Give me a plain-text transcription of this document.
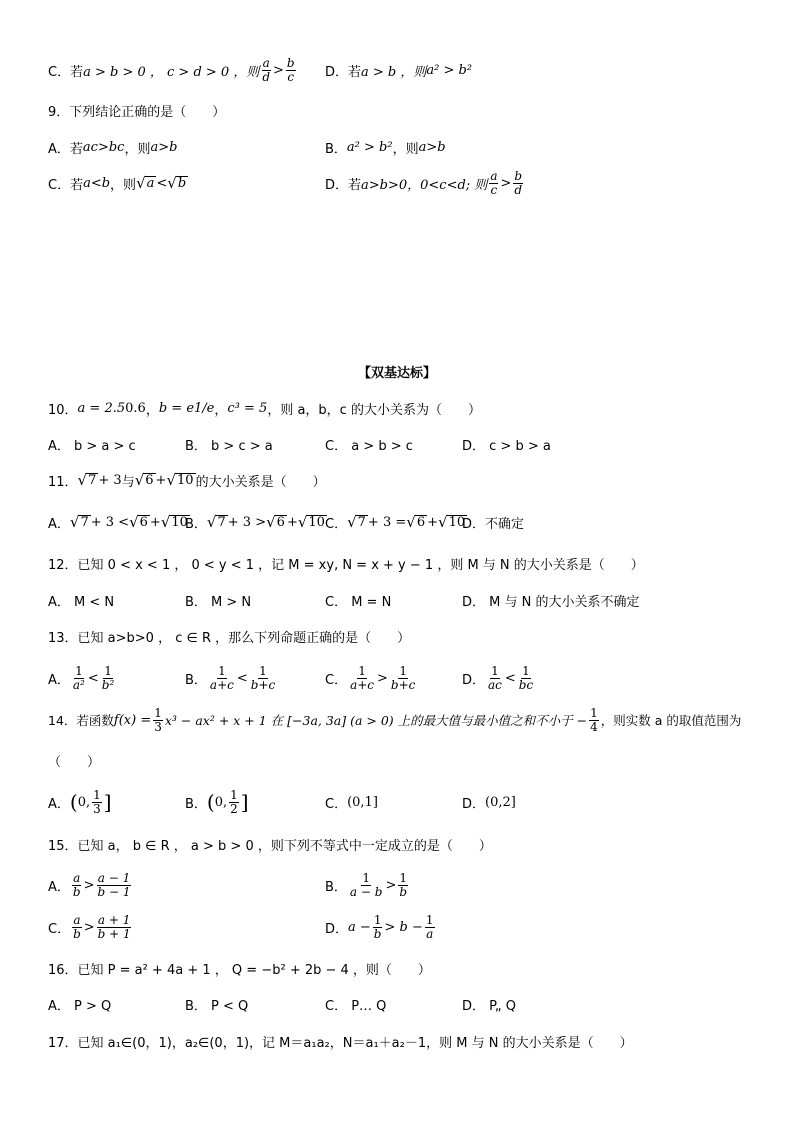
C．若 a > b > 0 ， c > d > 0 ，则 $\frac{a}{d} > \frac{b}{c}$ D．若 a > b ，则 a² > b²
9．下列结论正确的是（　　）
A．若 ac>bc ，则 a>b	B． a² > b² ，则 a>b
C．若 a<b ，则 √ a < √ b	D．若 a>b>0，0<c<d; 则 $\frac{a}{c} > \frac{b}{d}$
【双基达标】
10． a = 2.5 0.6 ， b = e 1/e ， c³ = 5 ，则 a，b，c 的大小关系为（　　）
A． b > a > c	B． b > c > a	C． a > b > c	D． c > b > a
11． √ 7 + 3 与 √ 6 + √ 10 的大小关系是（　　）
A． √ 7 + 3 < √ 6 + √ 10
B． √ 7 + 3 > √ 6 + √ 10 C． √ 7 + 3 = √ 6 + √ 10
D．不确定
12．已知 0 < x < 1 ， 0 < y < 1 ，记 M = xy, N = x + y − 1 ，则 M 与 N 的大小关系是（　　）
A． M < N	B． M > N	C． M = N	D． M 与 N 的大小关系不确定
13．已知 a>b>0 ， c ∈ R ，那么下列命题正确的是（　　）
A． $\frac{1}{\text{a²}} < \frac{1}{\text{b²}}$	B． $\frac{1}{a+c} < \frac{1}{b+c}$	C． $\frac{1}{a+c} > \frac{1}{b+c}$	D． $\frac{1}{ac} < \frac{1}{bc}$
14．若函数 $f(x) = \frac{1}{3} x^3 - ax^2 + x + 1$ 在 [−3a, 3a] (a > 0) 上的最大值与最小值之和不小于 − $\frac{1}{4}$ ，则实数 a 的取值范围为
（　　）
A． ( 0, $\frac{1}{3}$ ]	B． ( 0, $\frac{1}{2}$ ]	C． (0,1]	D． (0,2]
15．已知 a， b ∈ R ， a > b > 0 ，则下列不等式中一定成立的是（　　）
A． $\frac{a}{b} > \frac{a - 1}{b - 1}$	B． $\frac{1}{a - b} > \frac{1}{b}$
C． $\frac{a}{b} > \frac{a + 1}{b + 1}$	D． $a - \frac{1}{b} > b - \frac{1}{a}$
16．已知 P = a² + 4a + 1 ， Q = −b² + 2b − 4 ，则（　　）
A． P > Q	B． P < Q	C． P… Q	D． P„ Q
17．已知 a₁∈(0，1)，a₂∈(0，1)，记 M＝a₁a₂，N＝a₁＋a₂－1，则 M 与 N 的大小关系是（　　）
